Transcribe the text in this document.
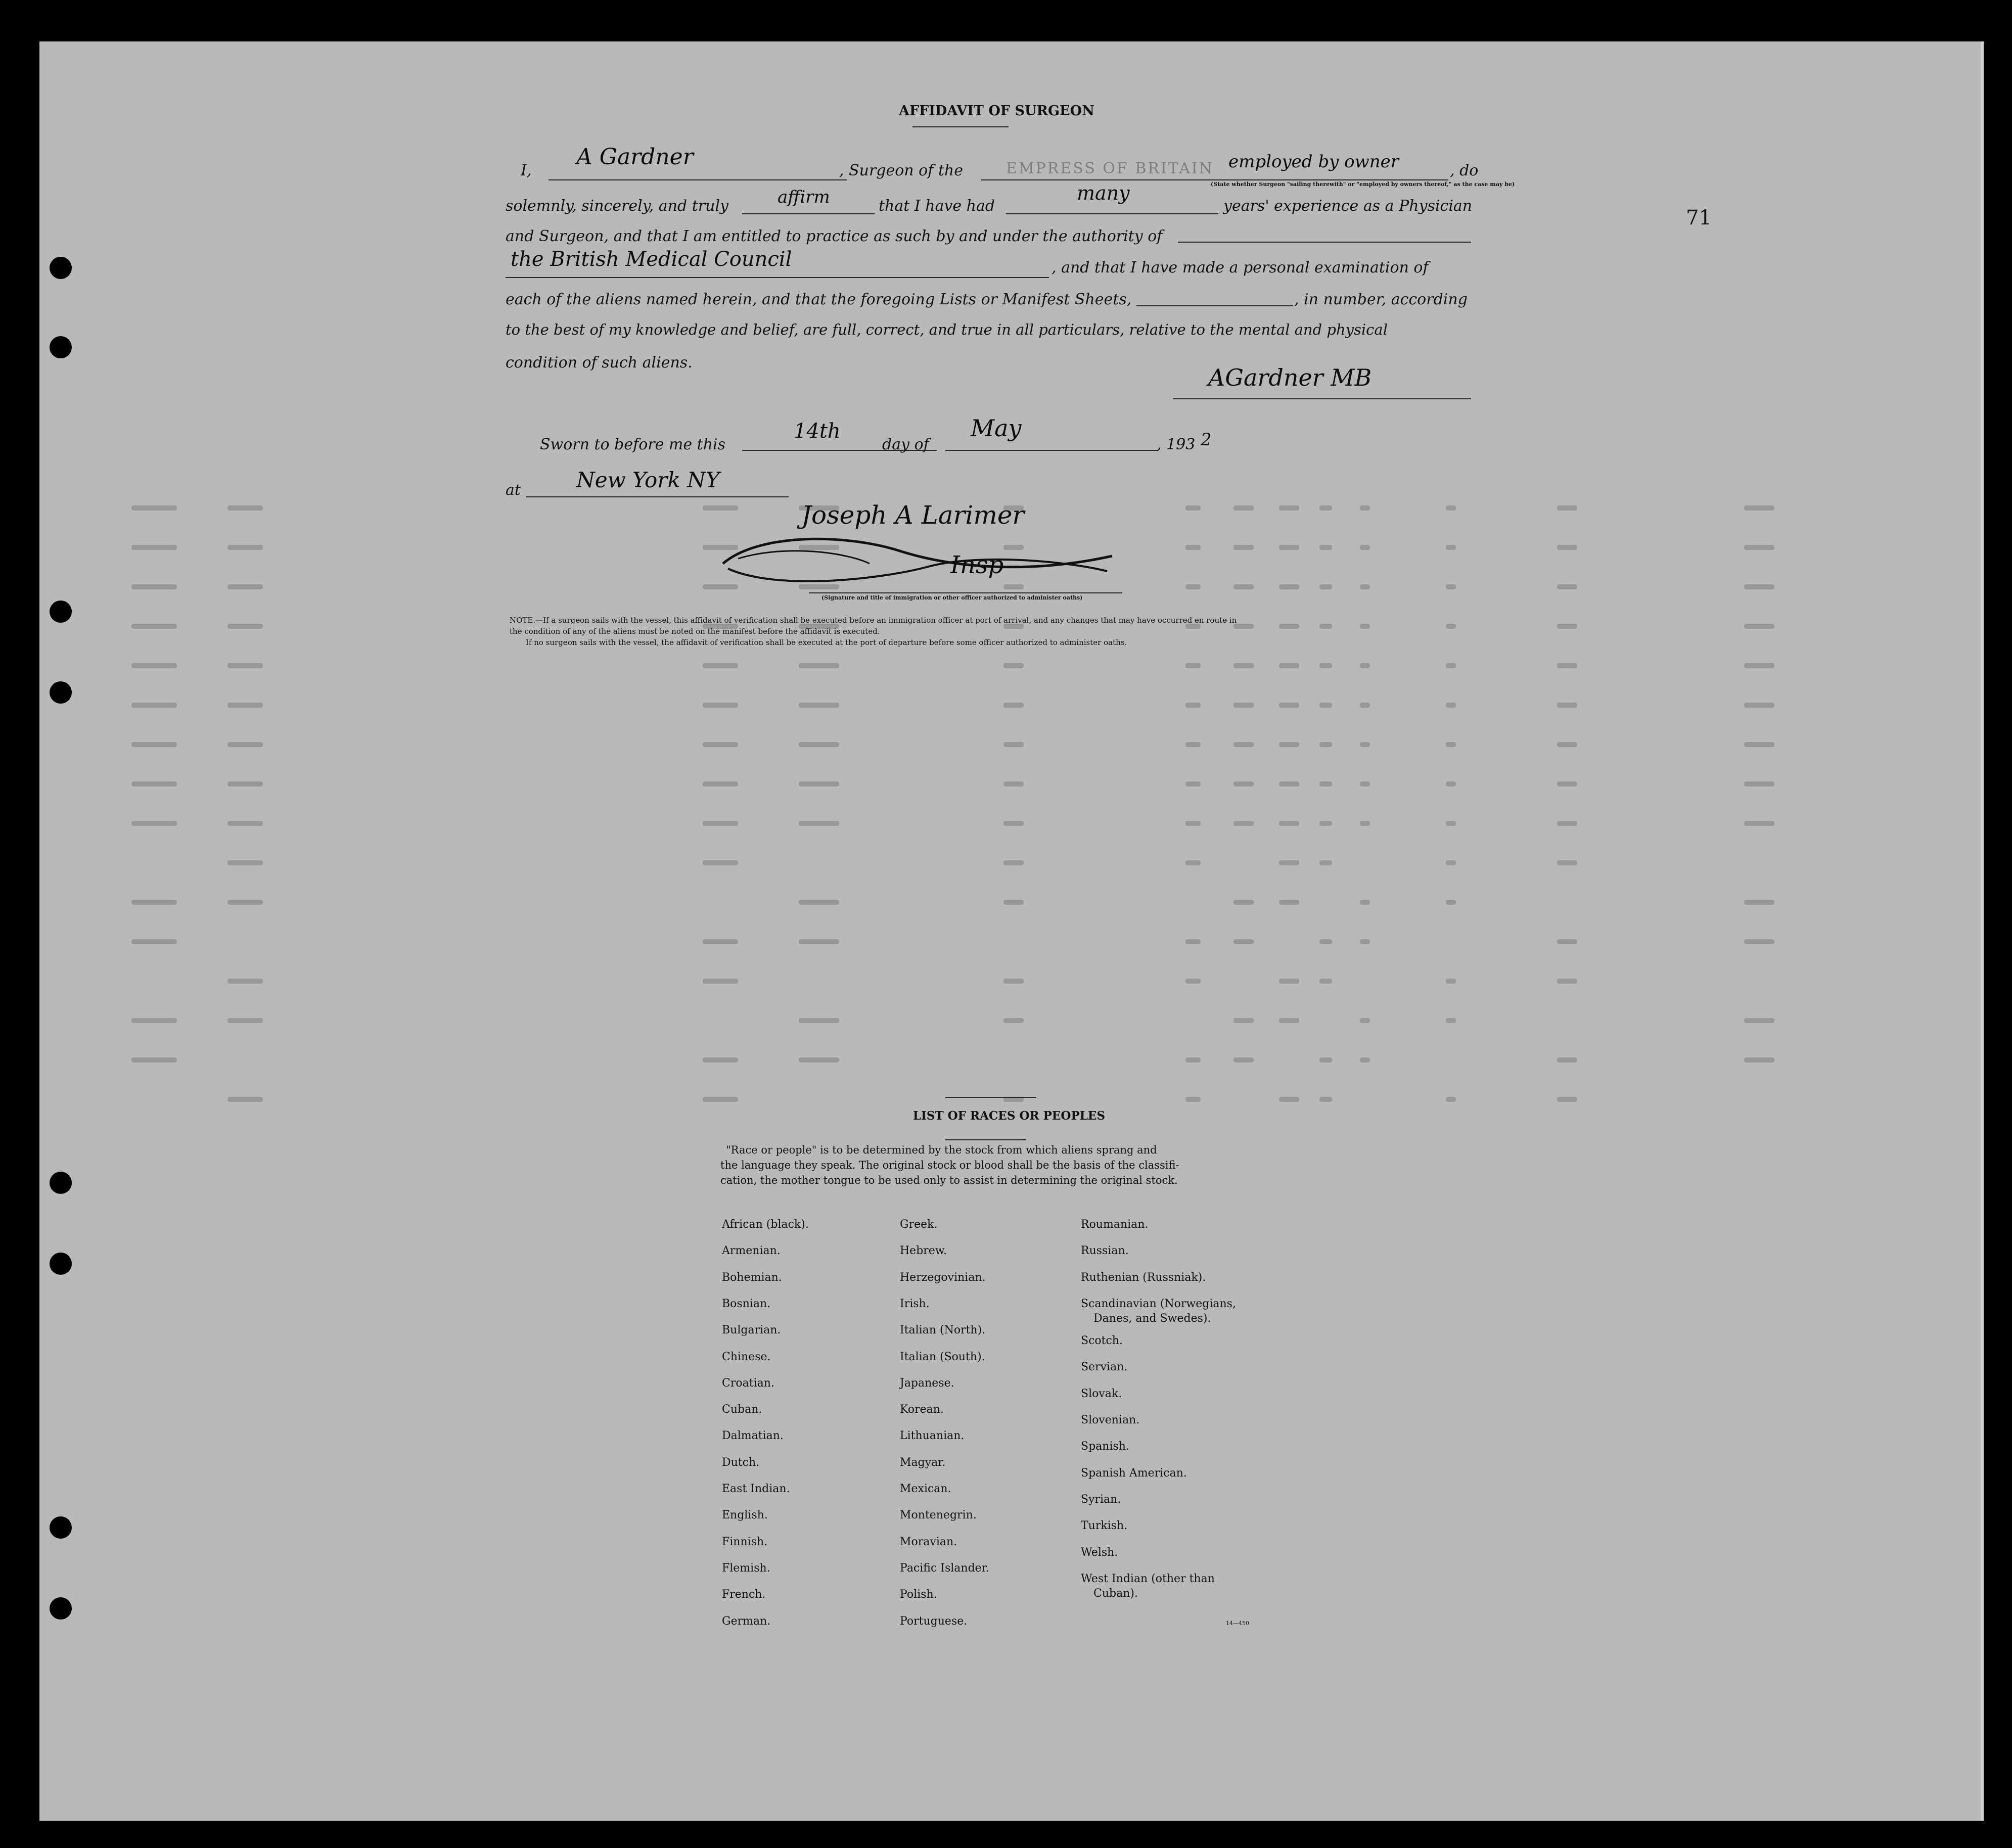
71
AFFIDAVIT OF SURGEON
I,
A Gardner
, Surgeon of the	EMPRESS OF BRITAIN employed by owner	, do
(State whether Surgeon "sailing therewith" or "employed by owners thereof," as the case may be)
solemnly, sincerely, and truly	affirm	that I have had
many
years' experience as a Physician
and Surgeon, and that I am entitled to practice as such by and under the authority of
the British Medical Council	, and that I have made a personal examination of
each of the aliens named herein, and that the foregoing Lists or Manifest Sheets,	, in number, according
to the best of my knowledge and belief, are full, correct, and true in all particulars, relative to the mental and physical
condition of such aliens.
AGardner MB
Sworn to before me this
14th
day of
May
, 193 2
at	New York NY
Joseph A Larimer
Insp
(Signature and title of immigration or other officer authorized to administer oaths)
NOTE.—If a surgeon sails with the vessel, this affidavit of verification shall be executed before an immigration officer at port of arrival, and any changes that may have occurred en route in
the condition of any of the aliens must be noted on the manifest before the affidavit is executed.
If no surgeon sails with the vessel, the affidavit of verification shall be executed at the port of departure before some officer authorized to administer oaths.
LIST OF RACES OR PEOPLES
"Race or people" is to be determined by the stock from which aliens sprang and
the language they speak. The original stock or blood shall be the basis of the classifi-
cation, the mother tongue to be used only to assist in determining the original stock.
African (black).
Armenian.
Bohemian.
Bosnian.
Bulgarian.
Chinese.
Croatian.
Cuban.
Dalmatian.
Dutch.
East Indian.
English.
Finnish.
Flemish.
French.
German.
Greek.
Hebrew.
Herzegovinian.
Irish.
Italian (North).
Italian (South).
Japanese.
Korean.
Lithuanian.
Magyar.
Mexican.
Montenegrin.
Moravian.
Pacific Islander.
Polish.
Portuguese.
Roumanian.
Russian.
Ruthenian (Russniak).
Scandinavian (Norwegians,
Danes, and Swedes).
Scotch.
Servian.
Slovak.
Slovenian.
Spanish.
Spanish American.
Syrian.
Turkish.
Welsh.
West Indian (other than
Cuban).
14—450
